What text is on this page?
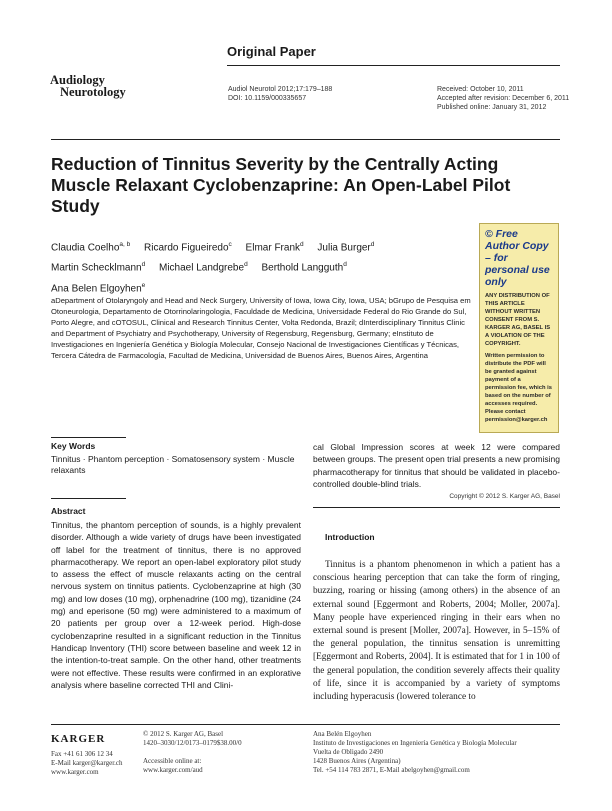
Original Paper
Audiology
Neurotology	Audiol Neurotol 2012;17:179–188
DOI: 10.1159/000335657
Received: October 10, 2011
Accepted after revision: December 6, 2011
Published online: January 31, 2012
Reduction of Tinnitus Severity by the Centrally Acting Muscle Relaxant Cyclobenzaprine: An Open-Label Pilot Study
Claudia Coelho$^{a, b}$ Ricardo Figueiredo$^c$ Elmar Frank$^d$ Julia Burger$^d$ Martin Schecklmann$^d$ Michael Landgrebe$^d$ Berthold Langguth$^d$ Ana Belen Elgoyhen$^e$
aDepartment of Otolaryngoly and Head and Neck Surgery, University of Iowa, Iowa City, Iowa, USA; bGrupo de Pesquisa em Otoneurologia, Departamento de Otorrinolaringologia, Faculdade de Medicina, Universidade Federal do Rio Grande do Sul, Porto Alegre, and cOTOSUL, Clinical and Research Tinnitus Center, Volta Redonda, Brazil; dInterdisciplinary Tinnitus Clinic and Department of Psychiatry and Psychotherapy, University of Regensburg, Regensburg, Germany; eInstituto de Investigaciones en Ingeniería Genética y Biología Molecular, Consejo Nacional de Investigaciones Científicas y Técnicas, Tercera Cátedra de Farmacología, Facultad de Medicina, Universidad de Buenos Aires, Buenos Aires, Argentina
© Free Author Copy – for personal use only
ANY DISTRIBUTION OF THIS ARTICLE WITHOUT WRITTEN CONSENT FROM S. KARGER AG, BASEL IS A VIOLATION OF THE COPYRIGHT.
Written permission to distribute the PDF will be granted against payment of a permission fee, which is based on the number of accesses required. Please contact permission@karger.ch
Key Words
Tinnitus · Phantom perception · Somatosensory system · Muscle relaxants
Abstract
Tinnitus, the phantom perception of sounds, is a highly prevalent disorder. Although a wide variety of drugs have been investigated off label for the treatment of tinnitus, there is no approved pharmacotherapy. We report an open-label exploratory pilot study to assess the effect of muscle relaxants acting on the central nervous system on tinnitus patients. Cyclobenzaprine at high (30 mg) and low doses (10 mg), orphenadrine (100 mg), tizanidine (24 mg) and eperisone (50 mg) were administered to a maximum of 20 patients per group over a 12-week period. High-dose cyclobenzaprine resulted in a significant reduction in the Tinnitus Handicap Inventory (THI) score between baseline and week 12 in the intention-to-treat sample. On the other hand, other treatments were not effective. These results were confirmed in an explorative analysis where baseline corrected THI and Clini-
cal Global Impression scores at week 12 were compared between groups. The present open trial presents a new promising pharmacotherapy for tinnitus that should be validated in placebo-controlled double-blind trials.
Copyright © 2012 S. Karger AG, Basel
Introduction
Tinnitus is a phantom phenomenon in which a patient has a conscious hearing perception that can take the form of ringing, buzzing, roaring or hissing (among others) in the absence of an external sound [Eggermont and Roberts, 2004; Moller, 2007a]. Many people have experienced ringing in their ears when no external sound is present [Moller, 2007a]. However, in 5–15% of the general population, the tinnitus sensation is unremitting [Eggermont and Roberts, 2004]. It is estimated that for 1 in 100 of the general population, the condition severely affects their quality of life, since it is accompanied by a variety of symptoms including hyperacusis (lowered tolerance to
KARGER
Fax +41 61 306 12 34
E-Mail karger@karger.ch
www.karger.com
© 2012 S. Karger AG, Basel
1420–3030/12/0173–0179$38.00/0
Accessible online at:
www.karger.com/aud
Ana Belén Elgoyhen
Instituto de Investigaciones en Ingeniería Genética y Biología Molecular
Vuelta de Obligado 2490
1428 Buenos Aires (Argentina)
Tel. +54 114 783 2871, E-Mail abelgoyhen@gmail.com
